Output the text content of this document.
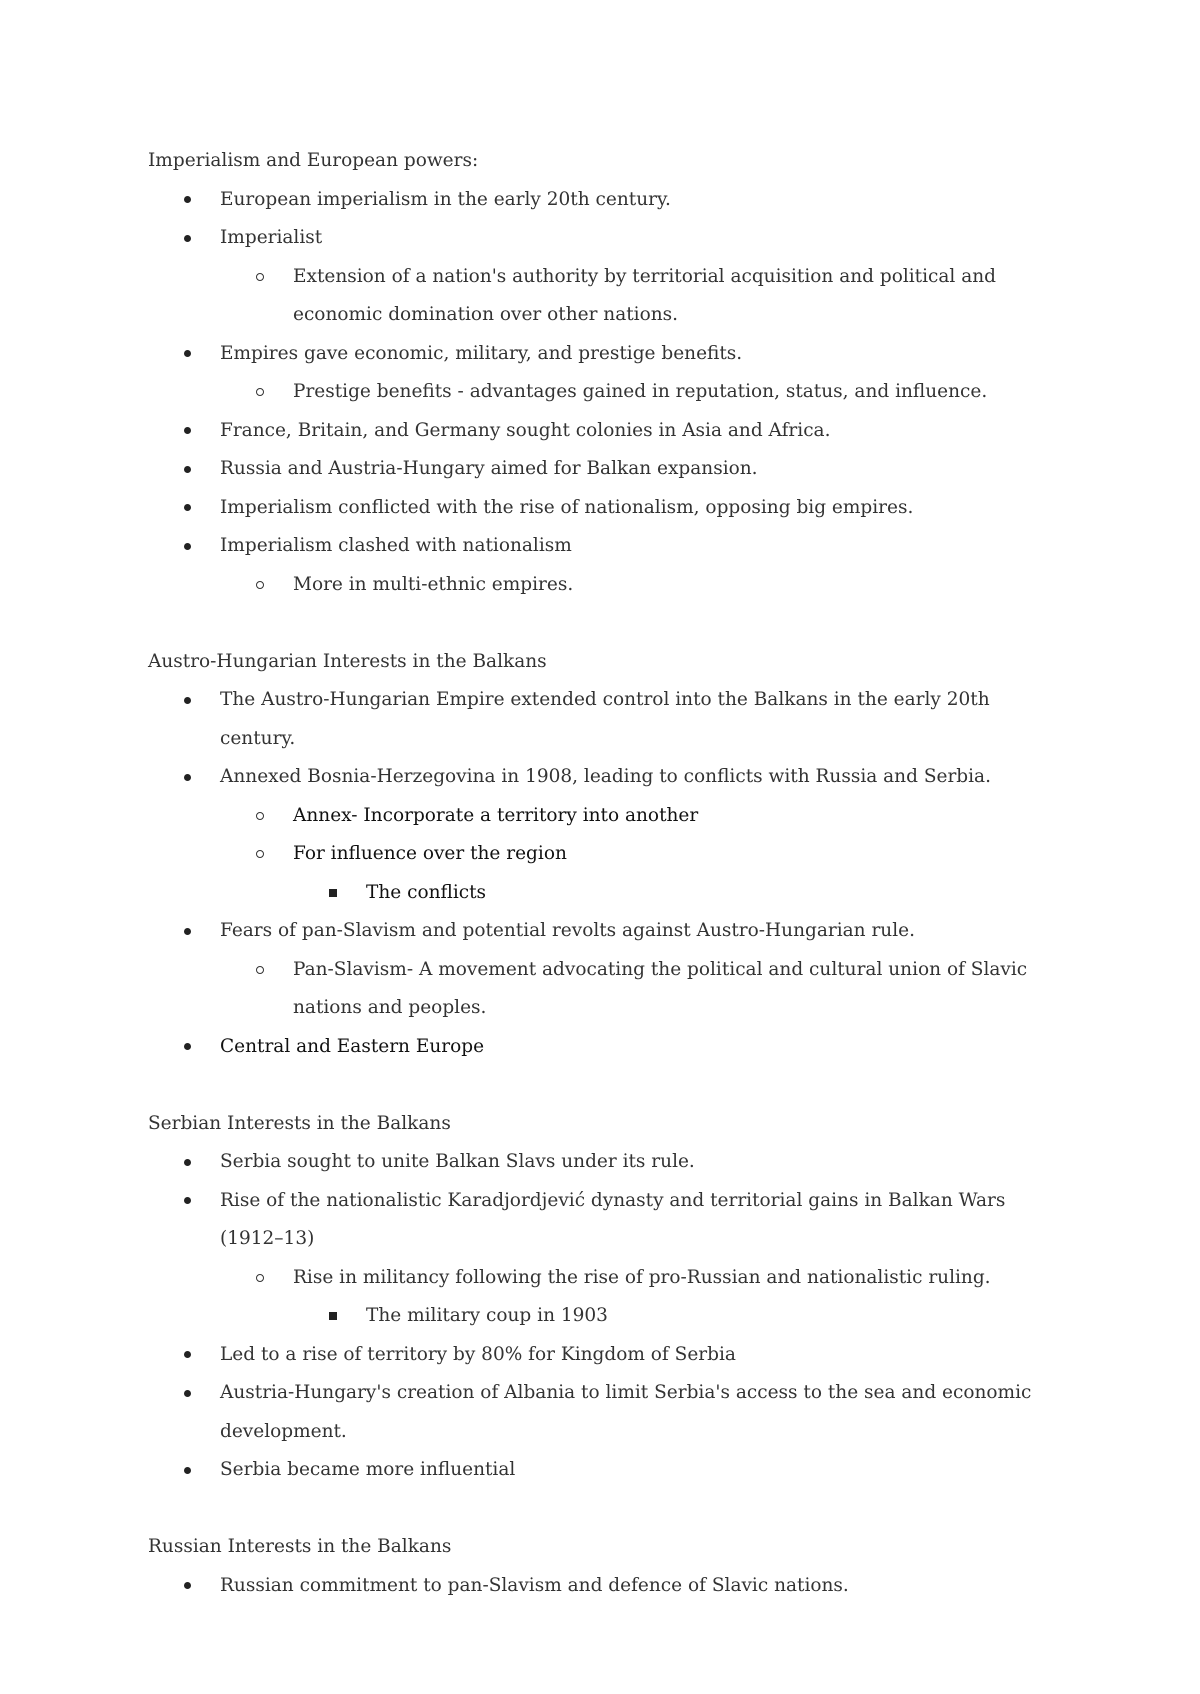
Imperialism and European powers:
European imperialism in the early 20th century.
Imperialist
Extension of a nation's authority by territorial acquisition and political and economic domination over other nations.
Empires gave economic, military, and prestige benefits.
Prestige benefits - advantages gained in reputation, status, and influence.
France, Britain, and Germany sought colonies in Asia and Africa.
Russia and Austria-Hungary aimed for Balkan expansion.
Imperialism conflicted with the rise of nationalism, opposing big empires.
Imperialism clashed with nationalism
More in multi-ethnic empires.
Austro-Hungarian Interests in the Balkans
The Austro-Hungarian Empire extended control into the Balkans in the early 20th century.
Annexed Bosnia-Herzegovina in 1908, leading to conflicts with Russia and Serbia.
Annex- Incorporate a territory into another
For influence over the region
The conflicts
Fears of pan-Slavism and potential revolts against Austro-Hungarian rule.
Pan-Slavism- A movement advocating the political and cultural union of Slavic nations and peoples.
Central and Eastern Europe
Serbian Interests in the Balkans
Serbia sought to unite Balkan Slavs under its rule.
Rise of the nationalistic Karadjordjević dynasty and territorial gains in Balkan Wars (1912–13)
Rise in militancy following the rise of pro-Russian and nationalistic ruling.
The military coup in 1903
Led to a rise of territory by 80% for Kingdom of Serbia
Austria-Hungary's creation of Albania to limit Serbia's access to the sea and economic development.
Serbia became more influential
Russian Interests in the Balkans
Russian commitment to pan-Slavism and defence of Slavic nations.
